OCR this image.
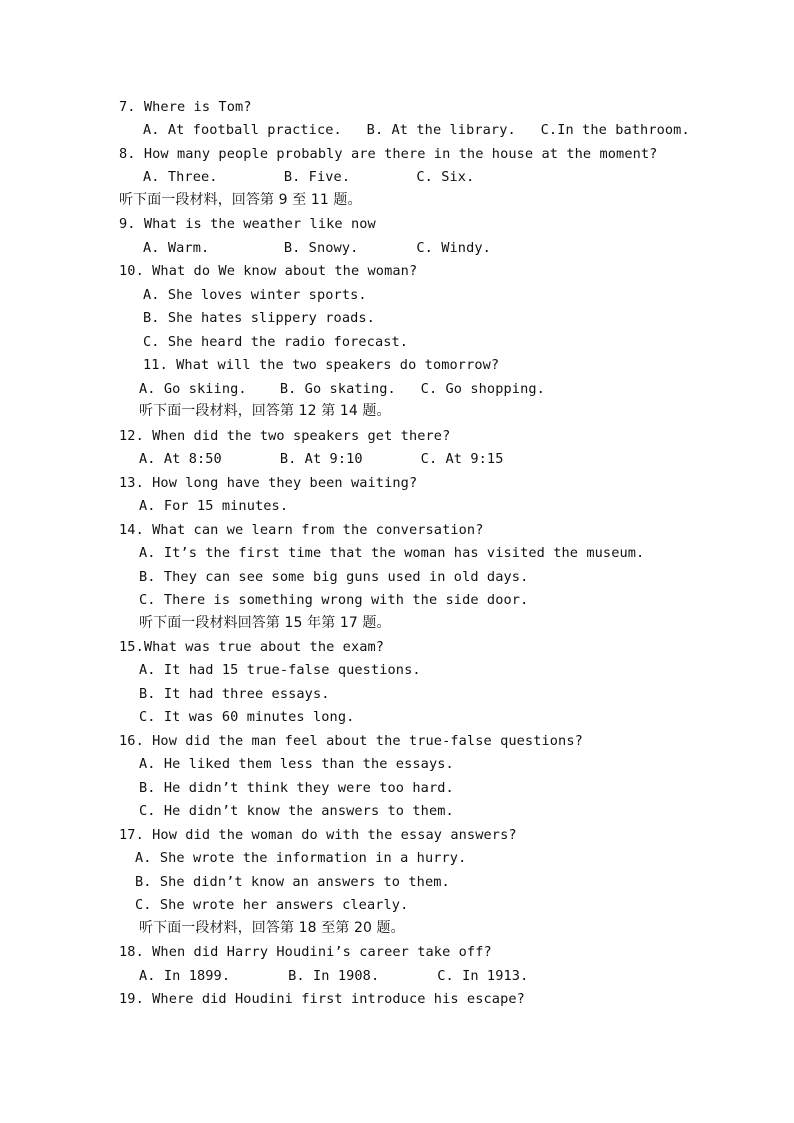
7. Where is Tom?
A. At football practice.   B. At the library.   C.In the bathroom.
8. How many people probably are there in the house at the moment?
A. Three.        B. Five.        C. Six.
听下面一段材料，回答第 9 至 11 题。
9. What is the weather like now
A. Warm.         B. Snowy.       C. Windy.
10. What do We know about the woman?
A. She loves winter sports.
B. She hates slippery roads.
C. She heard the radio forecast.
11. What will the two speakers do tomorrow?
A. Go skiing.    B. Go skating.   C. Go shopping.
听下面一段材料，回答第 12 第 14 题。
12. When did the two speakers get there?
A. At 8:50       B. At 9:10       C. At 9:15
13. How long have they been waiting?
A. For 15 minutes.
14. What can we learn from the conversation?
A. It’s the first time that the woman has visited the museum.
B. They can see some big guns used in old days.
C. There is something wrong with the side door.
听下面一段材料回答第 15 年第 17 题。
15.What was true about the exam?
A. It had 15 true-false questions.
B. It had three essays.
C. It was 60 minutes long.
16. How did the man feel about the true-false questions?
A. He liked them less than the essays.
B. He didn’t think they were too hard.
C. He didn’t know the answers to them.
17. How did the woman do with the essay answers?
A. She wrote the information in a hurry.
B. She didn’t know an answers to them.
C. She wrote her answers clearly.
听下面一段材料，回答第 18 至第 20 题。
18. When did Harry Houdini’s career take off?
A. In 1899.       B. In 1908.       C. In 1913.
19. Where did Houdini first introduce his escape?
